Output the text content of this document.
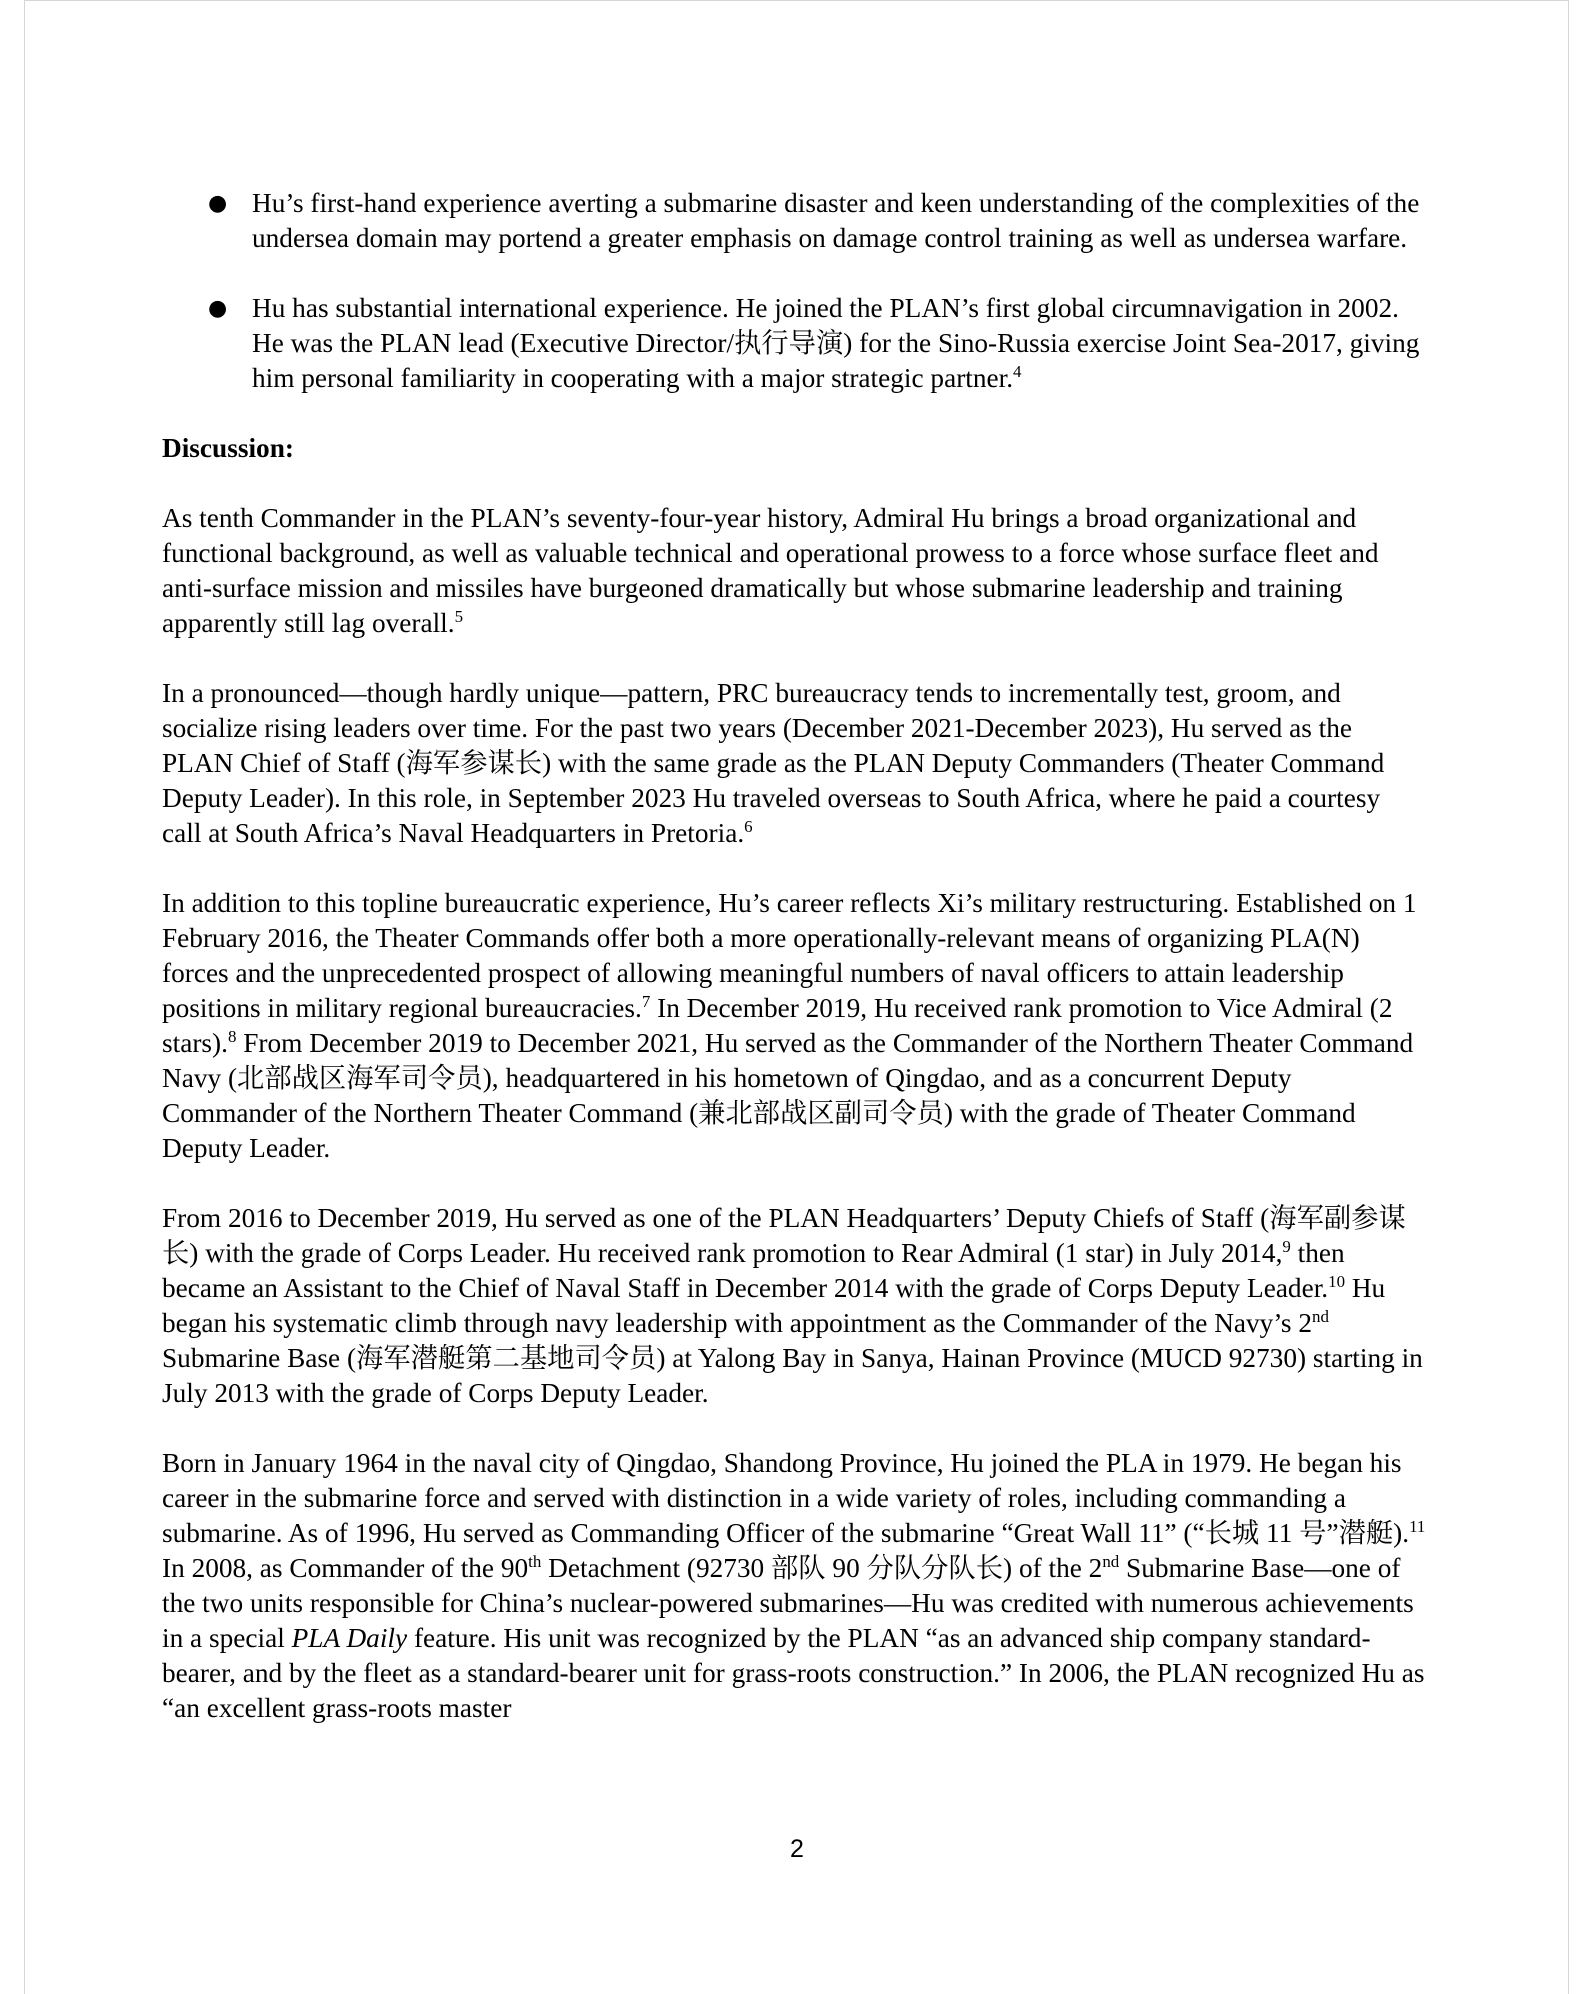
● Hu’s first-hand experience averting a submarine disaster and keen understanding of the complexities of the undersea domain may portend a greater emphasis on damage control training as well as undersea warfare.
● Hu has substantial international experience. He joined the PLAN’s first global circumnavigation in 2002. He was the PLAN lead (Executive Director/执行导演) for the Sino-Russia exercise Joint Sea-2017, giving him personal familiarity in cooperating with a major strategic partner.$^4$
Discussion:

As tenth Commander in the PLAN’s seventy-four-year history, Admiral Hu brings a broad organizational and functional background, as well as valuable technical and operational prowess to a force whose surface fleet and anti-surface mission and missiles have burgeoned dramatically but whose submarine leadership and training apparently still lag overall.$^5$

In a pronounced—though hardly unique—pattern, PRC bureaucracy tends to incrementally test, groom, and socialize rising leaders over time. For the past two years (December 2021-December 2023), Hu served as the PLAN Chief of Staff (海军参谋长) with the same grade as the PLAN Deputy Commanders (Theater Command Deputy Leader). In this role, in September 2023 Hu traveled overseas to South Africa, where he paid a courtesy call at South Africa’s Naval Headquarters in Pretoria.$^6$

In addition to this topline bureaucratic experience, Hu’s career reflects Xi’s military restructuring. Established on 1 February 2016, the Theater Commands offer both a more operationally-relevant means of organizing PLA(N) forces and the unprecedented prospect of allowing meaningful numbers of naval officers to attain leadership positions in military regional bureaucracies.$^7$ In December 2019, Hu received rank promotion to Vice Admiral (2 stars).$^8$ From December 2019 to December 2021, Hu served as the Commander of the Northern Theater Command Navy (北部战区海军司令员), headquartered in his hometown of Qingdao, and as a concurrent Deputy Commander of the Northern Theater Command (兼北部战区副司令员) with the grade of Theater Command Deputy Leader.

From 2016 to December 2019, Hu served as one of the PLAN Headquarters’ Deputy Chiefs of Staff (海军副参谋长) with the grade of Corps Leader. Hu received rank promotion to Rear Admiral (1 star) in July 2014,$^9$ then became an Assistant to the Chief of Naval Staff in December 2014 with the grade of Corps Deputy Leader.$^{10}$ Hu began his systematic climb through navy leadership with appointment as the Commander of the Navy’s 2nd Submarine Base (海军潜艇第二基地司令员) at Yalong Bay in Sanya, Hainan Province (MUCD 92730) starting in July 2013 with the grade of Corps Deputy Leader.

Born in January 1964 in the naval city of Qingdao, Shandong Province, Hu joined the PLA in 1979. He began his career in the submarine force and served with distinction in a wide variety of roles, including commanding a submarine. As of 1996, Hu served as Commanding Officer of the submarine “Great Wall 11” (“长城 11 号”潜艇).$^{11}$ In 2008, as Commander of the 90th Detachment (92730 部队 90 分队分队长) of the 2nd Submarine Base—one of the two units responsible for China’s nuclear-powered submarines—Hu was credited with numerous achievements in a special PLA Daily feature. His unit was recognized by the PLAN “as an advanced ship company standard-bearer, and by the fleet as a standard-bearer unit for grass-roots construction.” In 2006, the PLAN recognized Hu as “an excellent grass-roots master

2
